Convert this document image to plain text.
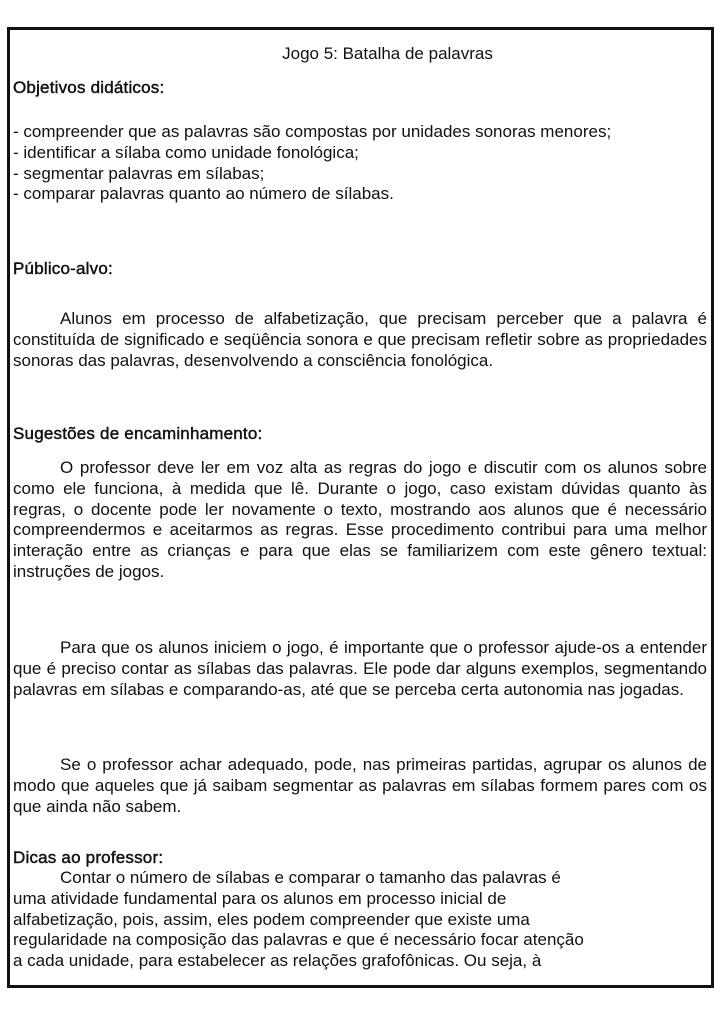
Jogo 5: Batalha de palavras
Objetivos didáticos:

- compreender que as palavras são compostas por unidades sonoras menores;

- identificar a sílaba como unidade fonológica;

- segmentar palavras em sílabas;

- comparar palavras quanto ao número de sílabas.

Público-alvo:

Alunos em processo de alfabetização, que precisam perceber que a palavra é constituída de significado e seqüência sonora e que precisam refletir sobre as propriedades sonoras das palavras, desenvolvendo a consciência fonológica.

Sugestões de encaminhamento:

O professor deve ler em voz alta as regras do jogo e discutir com os alunos sobre como ele funciona, à medida que lê. Durante o jogo, caso existam dúvidas quanto às regras, o docente pode ler novamente o texto, mostrando aos alunos que é necessário compreendermos e aceitarmos as regras. Esse procedimento contribui para uma melhor interação entre as crianças e para que elas se familiarizem com este gênero textual: instruções de jogos.

Para que os alunos iniciem o jogo, é importante que o professor ajude-os a entender que é preciso contar as sílabas das palavras. Ele pode dar alguns exemplos, segmentando palavras em sílabas e comparando-as, até que se perceba certa autonomia nas jogadas.

Se o professor achar adequado, pode, nas primeiras partidas, agrupar os alunos de modo que aqueles que já saibam segmentar as palavras em sílabas formem pares com os que ainda não sabem.

Dicas ao professor:
Contar o número de sílabas e comparar o tamanho das palavras é
uma atividade fundamental para os alunos em processo inicial de
alfabetização, pois, assim, eles podem compreender que existe uma
regularidade na composição das palavras e que é necessário focar atenção
a cada unidade, para estabelecer as relações grafofônicas. Ou seja, à
